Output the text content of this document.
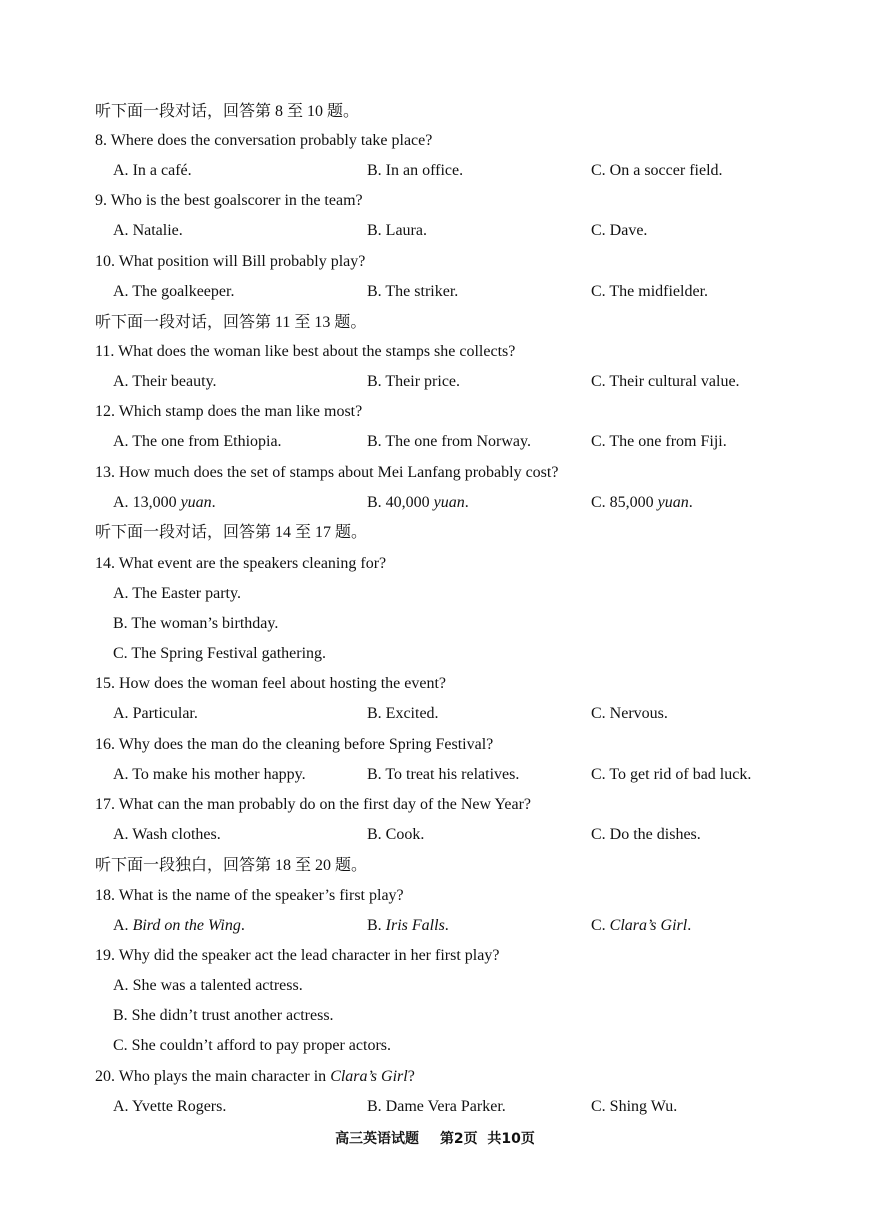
听下面一段对话，回答第 8 至 10 题。
8. Where does the conversation probably take place?
A. In a café.	B. In an office.	C. On a soccer field.
9. Who is the best goalscorer in the team?
A. Natalie.	B. Laura.	C. Dave.
10. What position will Bill probably play?
A. The goalkeeper.	B. The striker.	C. The midfielder.
听下面一段对话，回答第 11 至 13 题。
11. What does the woman like best about the stamps she collects?
A. Their beauty.	B. Their price.	C. Their cultural value.
12. Which stamp does the man like most?
A. The one from Ethiopia.	B. The one from Norway.	C. The one from Fiji.
13. How much does the set of stamps about Mei Lanfang probably cost?
A. 13,000 yuan.	B. 40,000 yuan.	C. 85,000 yuan.
听下面一段对话，回答第 14 至 17 题。
14. What event are the speakers cleaning for?
A. The Easter party.
B. The woman’s birthday.
C. The Spring Festival gathering.
15. How does the woman feel about hosting the event?
A. Particular.	B. Excited.	C. Nervous.
16. Why does the man do the cleaning before Spring Festival?
A. To make his mother happy.	B. To treat his relatives.	C. To get rid of bad luck.
17. What can the man probably do on the first day of the New Year?
A. Wash clothes.	B. Cook.	C. Do the dishes.
听下面一段独白，回答第 18 至 20 题。
18. What is the name of the speaker’s first play?
A. Bird on the Wing.	B. Iris Falls.	C. Clara’s Girl.
19. Why did the speaker act the lead character in her first play?
A. She was a talented actress.
B. She didn’t trust another actress.
C. She couldn’t afford to pay proper actors.
20. Who plays the main character in Clara’s Girl?
A. Yvette Rogers.	B. Dame Vera Parker.	C. Shing Wu.
高三英语试题 第2页  共10页
